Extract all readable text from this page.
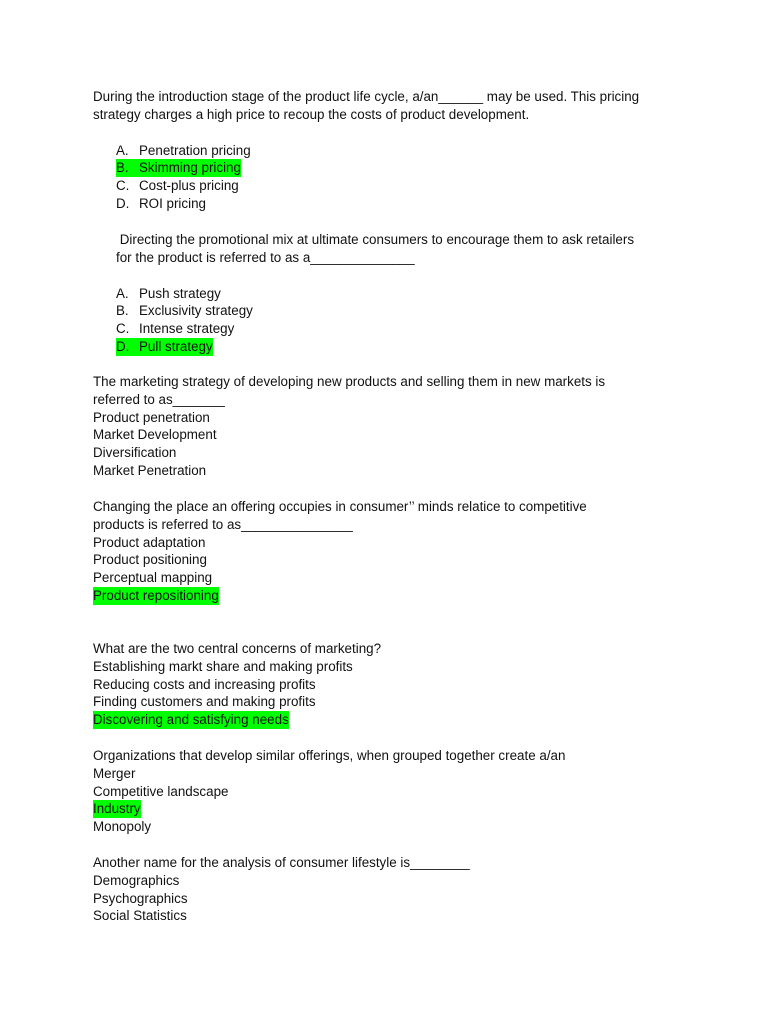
During the introduction stage of the product life cycle, a/an______ may be used. This pricing
strategy charges a high price to recoup the costs of product development.
A. Penetration pricing
B. Skimming pricing
C. Cost-plus pricing
D. ROI pricing
Directing the promotional mix at ultimate consumers to encourage them to ask retailers
for the product is referred to as a______________
A. Push strategy
B. Exclusivity strategy
C. Intense strategy
D. Pull strategy
The marketing strategy of developing new products and selling them in new markets is
referred to as_______
Product penetration
Market Development
Diversification
Market Penetration
Changing the place an offering occupies in consumer’’ minds relatice to competitive
products is referred to as_______________
Product adaptation
Product positioning
Perceptual mapping
Product repositioning
What are the two central concerns of marketing?
Establishing markt share and making profits
Reducing costs and increasing profits
Finding customers and making profits
Discovering and satisfying needs
Organizations that develop similar offerings, when grouped together create a/an
Merger
Competitive landscape
Industry
Monopoly
Another name for the analysis of consumer lifestyle is________
Demographics
Psychographics
Social Statistics
